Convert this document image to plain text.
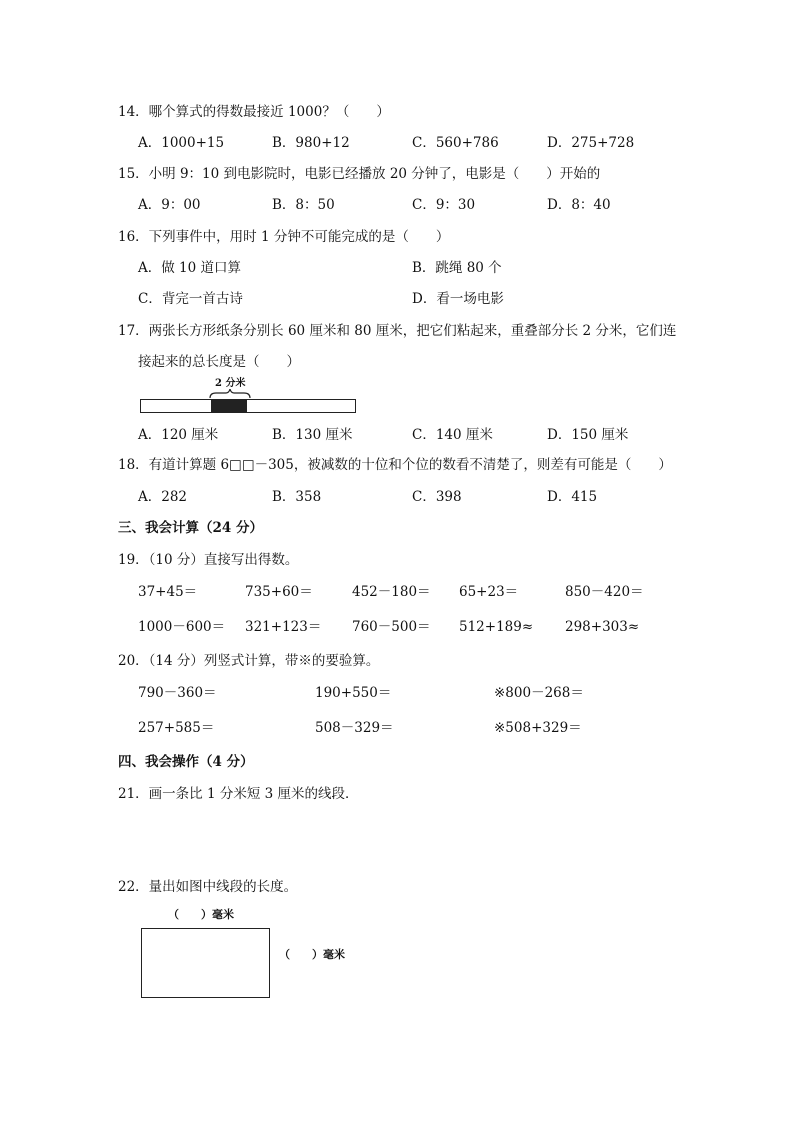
14．哪个算式的得数最接近 1000？（　　）
A．1000+15	B．980+12	C．560+786	D．275+728
15．小明 9：10 到电影院时，电影已经播放 20 分钟了，电影是（　　）开始的
A．9：00	B．8：50	C．9：30	D．8：40
16．下列事件中，用时 1 分钟不可能完成的是（　　）
A．做 10 道口算	B．跳绳 80 个
C．背完一首古诗	D．看一场电影
17．两张长方形纸条分别长 60 厘米和 80 厘米，把它们粘起来，重叠部分长 2 分米，它们连
接起来的总长度是（　　）
2 分米
A．120 厘米	B．130 厘米	C．140 厘米	D．150 厘米
18．有道计算题 6□□－305，被减数的十位和个位的数看不清楚了，则差有可能是（　　）
A．282	B．358	C．398	D．415
三、我会计算（24 分）
19．（10 分）直接写出得数。
37+45＝	735+60＝	452－180＝ 65+23＝	850－420＝
1000－600＝ 321+123＝ 760－500＝ 512+189≈ 298+303≈
20．（14 分）列竖式计算，带※的要验算。
790－360＝	190+550＝	※800－268＝
257+585＝	508－329＝	※508+329＝
四、我会操作（4 分）
21．画一条比 1 分米短 3 厘米的线段．
22．量出如图中线段的长度。
（　　）毫米
（　　）毫米
